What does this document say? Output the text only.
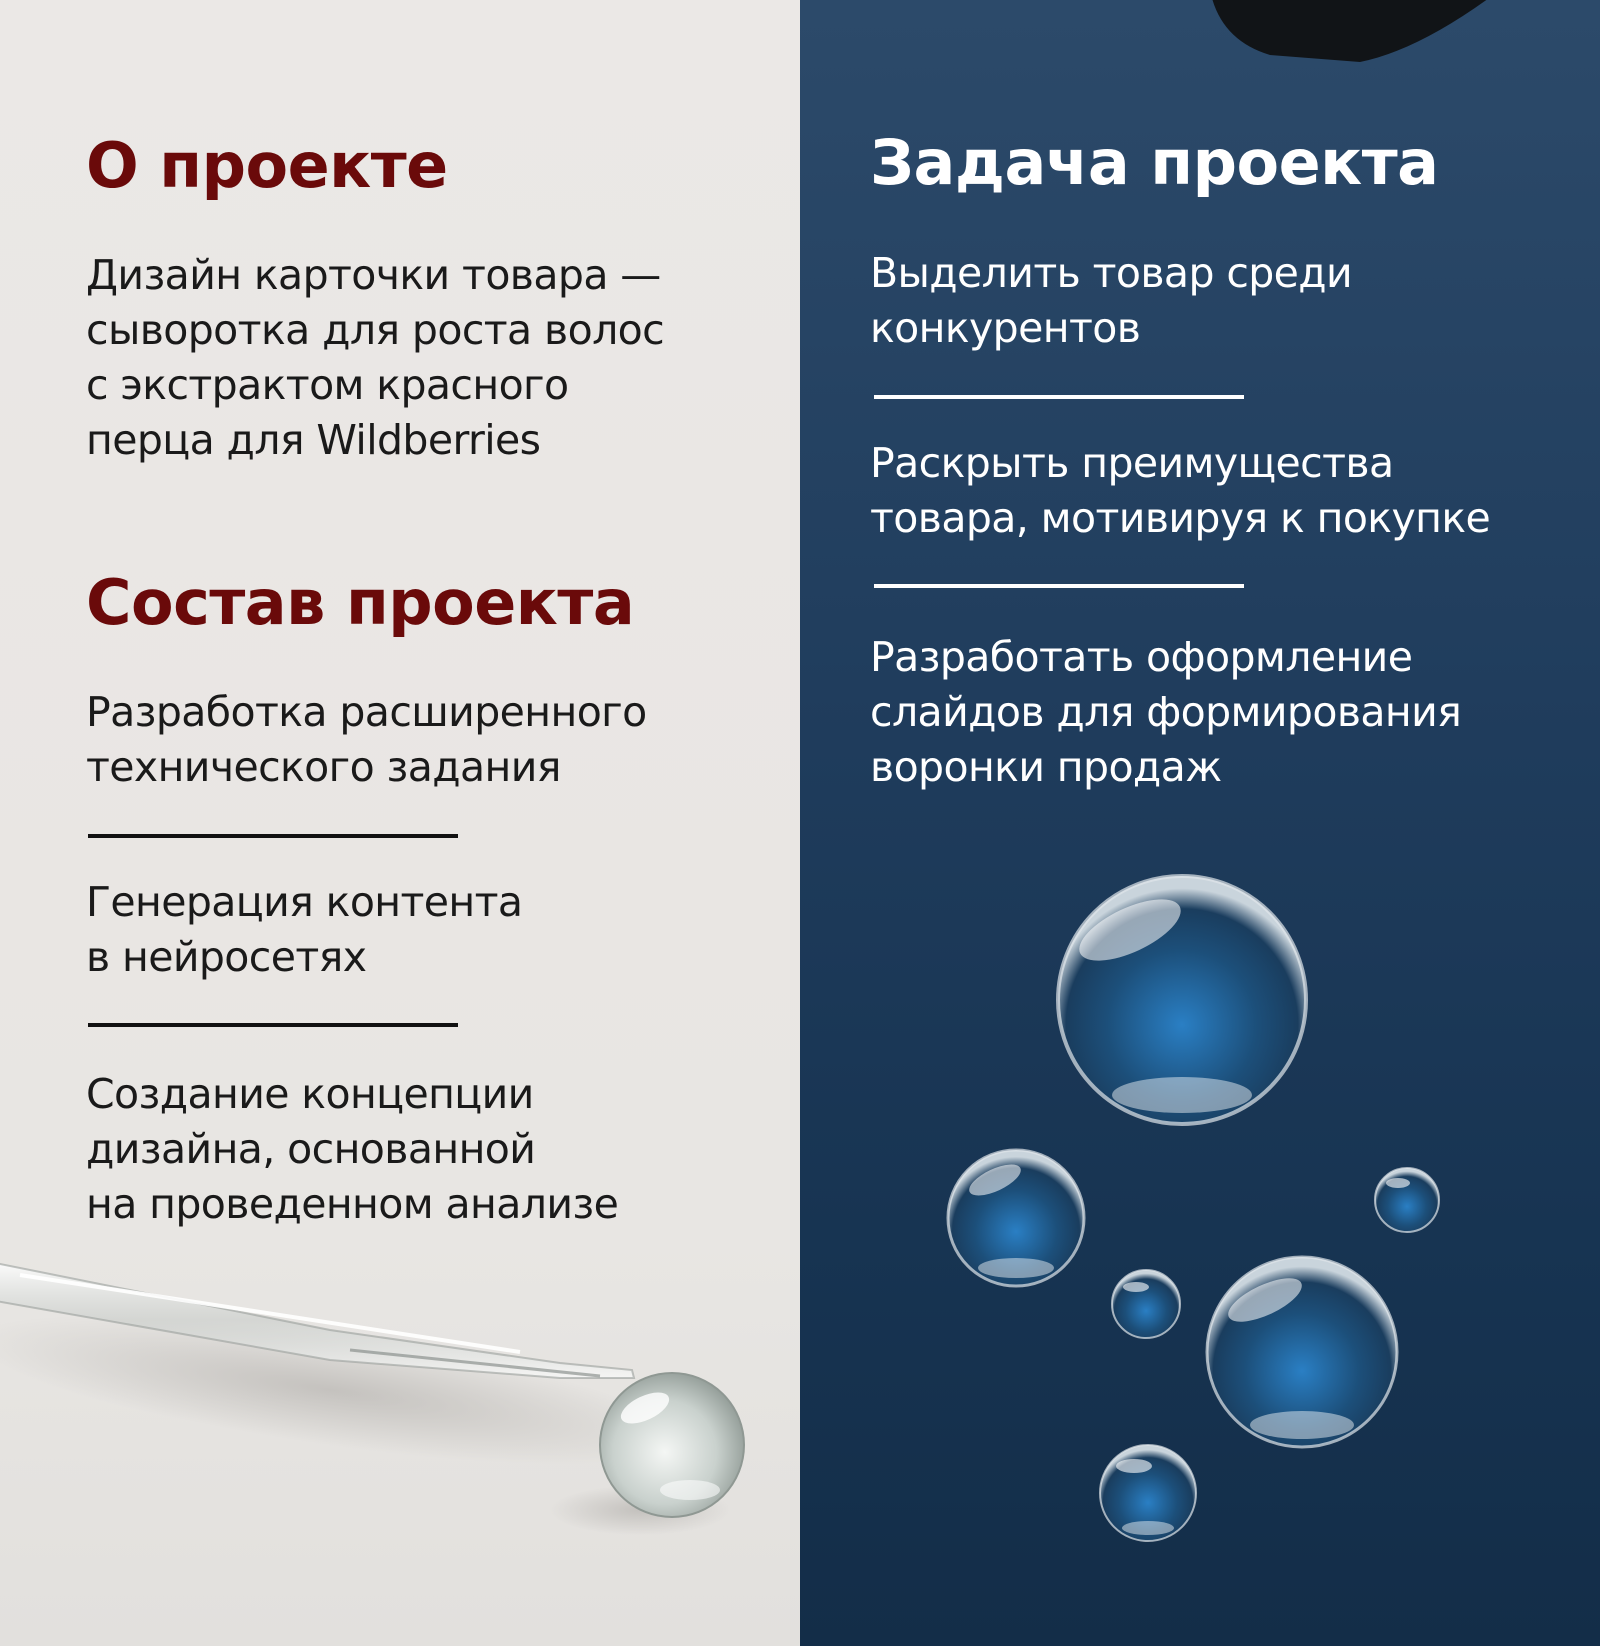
О проекте
Дизайн карточки товара —
сыворотка для роста волос
с экстрактом красного
перца для Wildberries
Состав проекта
Разработка расширенного
технического задания
Генерация контента
в нейросетях
Создание концепции
дизайна, основанной
на проведенном анализе
Задача проекта
Выделить товар среди
конкурентов
Раскрыть преимущества
товара, мотивируя к покупке
Разработать оформление
слайдов для формирования
воронки продаж
